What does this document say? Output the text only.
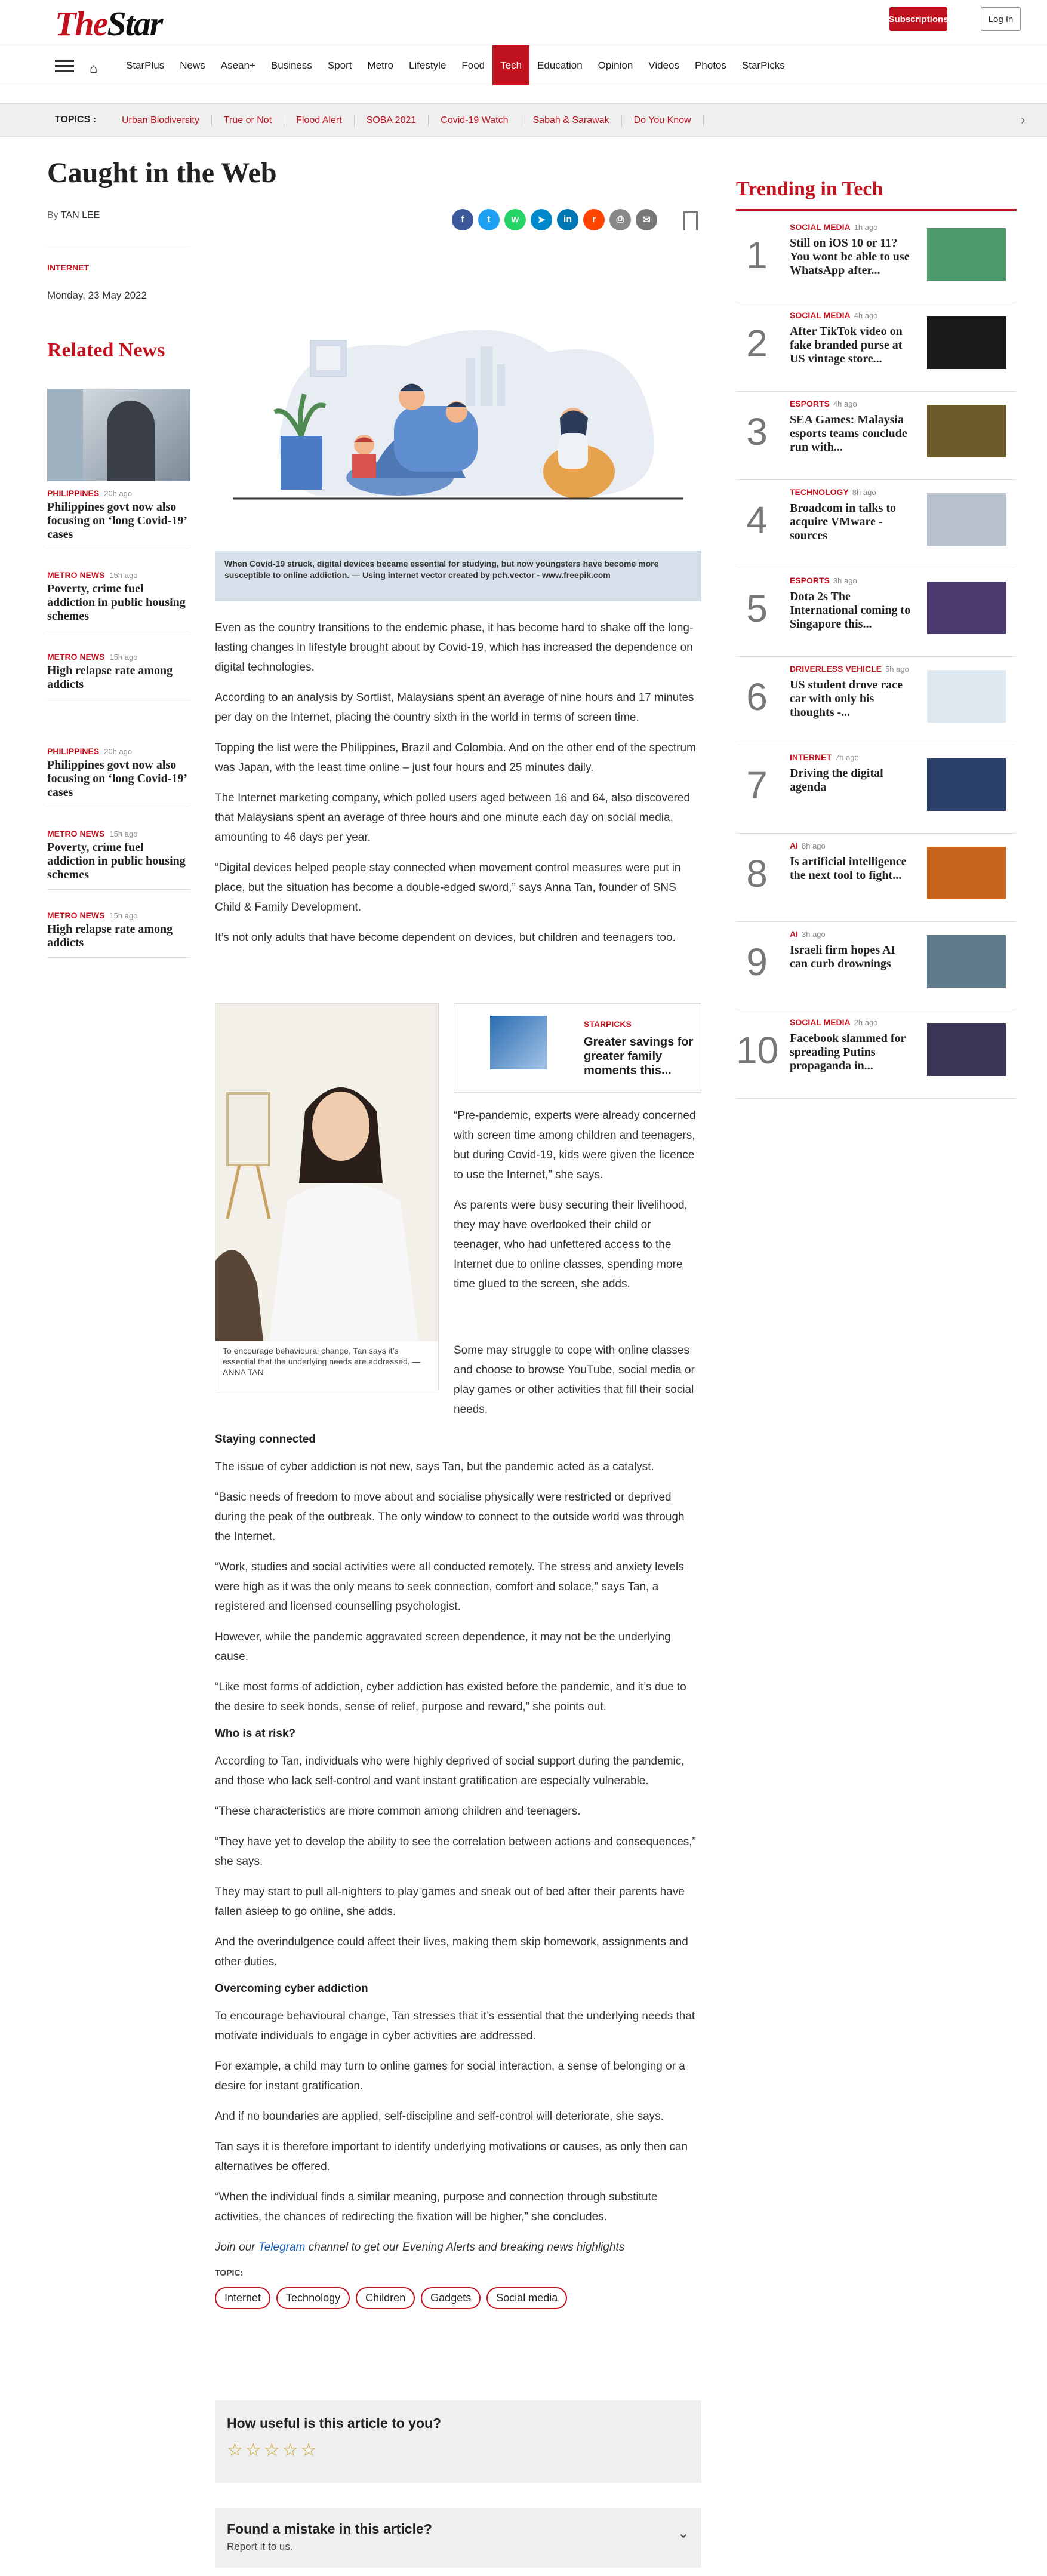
TheStar	Subscriptions	Log In
⌂	StarPlus	News	Asean+	Business	Sport	Metro	Lifestyle	Food	Tech	Education	Opinion	Videos	Photos	StarPicks
TOPICS :	Urban Biodiversity	True or Not	Flood Alert	SOBA 2021	Covid-19 Watch	Sabah & Sarawak	Do You Know	›
Caught in the Web
By TAN LEE	f	t	w	➤	in	r	⎙	✉
INTERNET
Monday, 23 May 2022
Related News
PHILIPPINES 20h ago
Philippines govt now also focusing on ‘long Covid-19’ cases
METRO NEWS 15h ago
Poverty, crime fuel addiction in public housing schemes
METRO NEWS 15h ago
High relapse rate among addicts
PHILIPPINES 20h ago
Philippines govt now also focusing on ‘long Covid-19’ cases
METRO NEWS 15h ago
Poverty, crime fuel addiction in public housing schemes
METRO NEWS 15h ago
High relapse rate among addicts
When Covid-19 struck, digital devices became essential for studying, but now youngsters have become more susceptible to online addiction. — Using internet vector created by pch.vector - www.freepik.com

Even as the country transitions to the endemic phase, it has become hard to shake off the long-lasting changes in lifestyle brought about by Covid-19, which has increased the dependence on digital technologies.

According to an analysis by Sortlist, Malaysians spent an average of nine hours and 17 minutes per day on the Internet, placing the country sixth in the world in terms of screen time.

Topping the list were the Philippines, Brazil and Colombia. And on the other end of the spectrum was Japan, with the least time online – just four hours and 25 minutes daily.

The Internet marketing company, which polled users aged between 16 and 64, also discovered that Malaysians spent an average of three hours and one minute each day on social media, amounting to 46 days per year.

“Digital devices helped people stay connected when movement control measures were put in place, but the situation has become a double-edged sword,” says Anna Tan, founder of SNS Child & Family Development.

It’s not only adults that have become dependent on devices, but children and teenagers too.

To encourage behavioural change, Tan says it’s essential that the underlying needs are addressed. — ANNA TAN
STARPICKS
Greater savings for greater family moments this...

“Pre-pandemic, experts were already concerned with screen time among children and teenagers, but during Covid-19, kids were given the licence to use the Internet,” she says.

As parents were busy securing their livelihood, they may have overlooked their child or teenager, who had unfettered access to the Internet due to online classes, spending more time glued to the screen, she adds.

Some may struggle to cope with online classes and choose to browse YouTube, social media or play games or other activities that fill their social needs.

Staying connected

The issue of cyber addiction is not new, says Tan, but the pandemic acted as a catalyst.

“Basic needs of freedom to move about and socialise physically were restricted or deprived during the peak of the outbreak. The only window to connect to the outside world was through the Internet.

“Work, studies and social activities were all conducted remotely. The stress and anxiety levels were high as it was the only means to seek connection, comfort and solace,” says Tan, a registered and licensed counselling psychologist.

However, while the pandemic aggravated screen dependence, it may not be the underlying cause.

“Like most forms of addiction, cyber addiction has existed before the pandemic, and it’s due to the desire to seek bonds, sense of relief, purpose and reward,” she points out.

Who is at risk?

According to Tan, individuals who were highly deprived of social support during the pandemic, and those who lack self-control and want instant gratification are especially vulnerable.

“These characteristics are more common among children and teenagers.

“They have yet to develop the ability to see the correlation between actions and consequences,” she says.

They may start to pull all-nighters to play games and sneak out of bed after their parents have fallen asleep to go online, she adds.

And the overindulgence could affect their lives, making them skip homework, assignments and other duties.

Overcoming cyber addiction

To encourage behavioural change, Tan stresses that it’s essential that the underlying needs that motivate individuals to engage in cyber activities are addressed.

For example, a child may turn to online games for social interaction, a sense of belonging or a desire for instant gratification.

And if no boundaries are applied, self-discipline and self-control will deteriorate, she says.

Tan says it is therefore important to identify underlying motivations or causes, as only then can alternatives be offered.

“When the individual finds a similar meaning, purpose and connection through substitute activities, the chances of redirecting the fixation will be higher,” she concludes.

Join our Telegram channel to get our Evening Alerts and breaking news highlights

TOPIC:
Internet Technology Children Gadgets Social media
How useful is this article to you?
☆☆☆☆☆
Found a mistake in this article?
Report it to us.
⌄
Trending in Tech
1
SOCIAL MEDIA 1h ago
Still on iOS 10 or 11? You wont be able to use WhatsApp after...
2
SOCIAL MEDIA 4h ago
After TikTok video on fake branded purse at US vintage store...
3
ESPORTS 4h ago
SEA Games: Malaysia esports teams conclude run with...
4
TECHNOLOGY 8h ago
Broadcom in talks to acquire VMware - sources
5
ESPORTS 3h ago
Dota 2s The International coming to Singapore this...
6
DRIVERLESS VEHICLE 5h ago
US student drove race car with only his thoughts -...
7
INTERNET 7h ago
Driving the digital agenda
8
AI 8h ago
Is artificial intelligence the next tool to fight...
9
AI 3h ago
Israeli firm hopes AI can curb drownings
10
SOCIAL MEDIA 2h ago
Facebook slammed for spreading Putins propaganda in...
